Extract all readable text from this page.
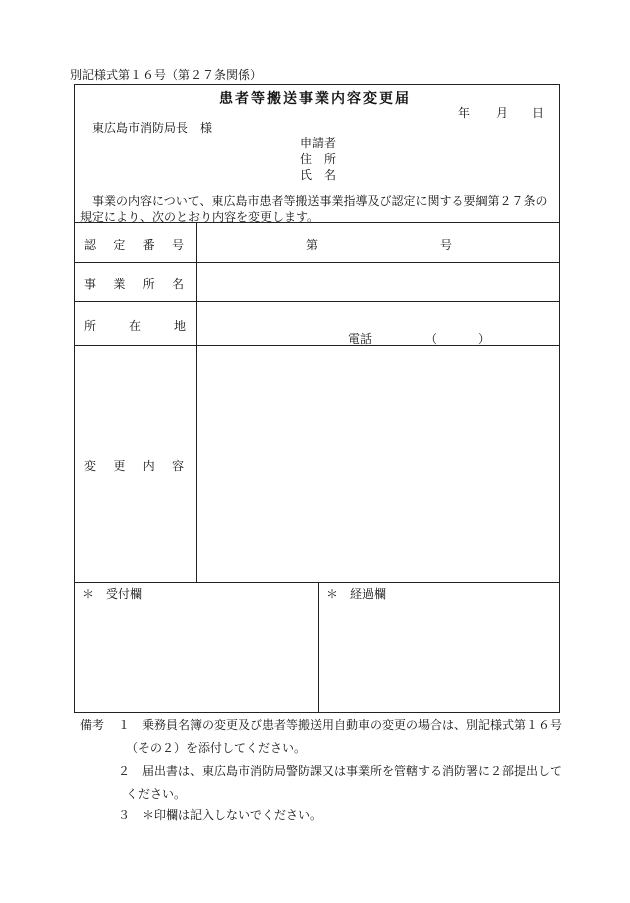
別記様式第１６号（第２７条関係）
患者等搬送事業内容変更届
年 月 日
東広島市消防局長　様
申請者
住　所
氏　名
事業の内容について、東広島市患者等搬送事業指導及び認定に関する要綱第２７条の
規定により、次のとおり内容を変更します。
認 定 番 号	第	号
事 業 所 名
所	在	地
電話	（	）
変 更 内 容
＊　受付欄	＊　経過欄
備考 １ 乗務員名簿の変更及び患者等搬送用自動車の変更の場合は、別記様式第１６号
（その２）を添付してください。
２ 届出書は、東広島市消防局警防課又は事業所を管轄する消防署に２部提出して
ください。
３ ＊印欄は記入しないでください。
